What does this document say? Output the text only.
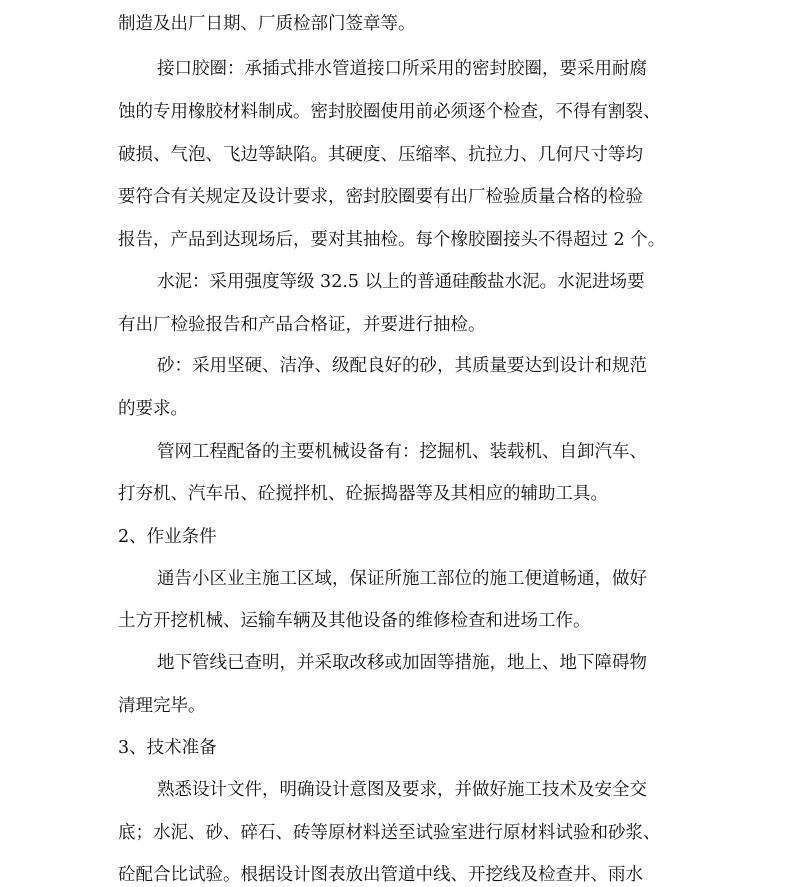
制造及出厂日期、厂质检部门签章等。
接口胶圈：承插式排水管道接口所采用的密封胶圈，要采用耐腐
蚀的专用橡胶材料制成。密封胶圈使用前必须逐个检查，不得有割裂、
破损、气泡、飞边等缺陷。其硬度、压缩率、抗拉力、几何尺寸等均
要符合有关规定及设计要求，密封胶圈要有出厂检验质量合格的检验
报告，产品到达现场后，要对其抽检。每个橡胶圈接头不得超过 2 个。
水泥：采用强度等级 32.5 以上的普通硅酸盐水泥。水泥进场要
有出厂检验报告和产品合格证，并要进行抽检。
砂：采用坚硬、洁净、级配良好的砂，其质量要达到设计和规范
的要求。
管网工程配备的主要机械设备有：挖掘机、装载机、自卸汽车、
打夯机、汽车吊、砼搅拌机、砼振捣器等及其相应的辅助工具。
2、作业条件
通告小区业主施工区域，保证所施工部位的施工便道畅通，做好
土方开挖机械、运输车辆及其他设备的维修检查和进场工作。
地下管线已查明，并采取改移或加固等措施，地上、地下障碍物
清理完毕。
3、技术准备
熟悉设计文件，明确设计意图及要求，并做好施工技术及安全交
底；水泥、砂、碎石、砖等原材料送至试验室进行原材料试验和砂浆、
砼配合比试验。根据设计图表放出管道中线、开挖线及检查井、雨水
